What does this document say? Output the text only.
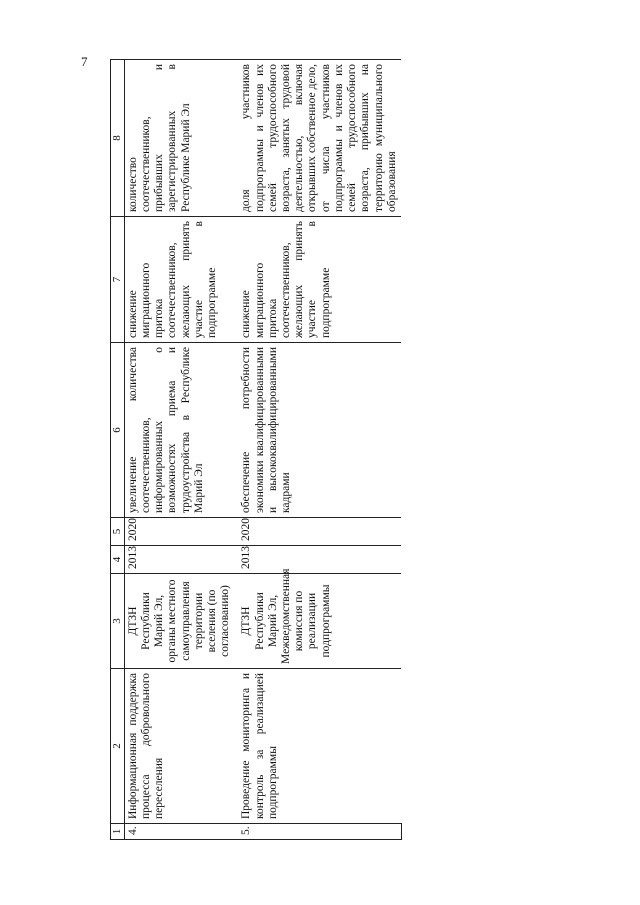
7
1	2	3	4	5	6	7	8
4.	Информационная поддержка процесса добровольного переселения	ДТЗН Республики Марий Эл, органы местного самоуправления территории вселения (по согласованию)	2013	2020	увеличение количества соотечественников, информированных о возможностях приема и трудоустройства в Республике Марий Эл	снижение миграционного притока соотечественников, желающих принять участие в подпрограмме	количество соотечественников, прибывших и зарегистрированных в Республике Марий Эл
5.	Проведение мониторинга и контроль за реализацией подпрограммы	ДТЗН Республики Марий Эл, Межведомственная комиссия по реализации подпрограммы	2013	2020	обеспечение потребности экономики квалифицированными и высококвалифицированными кадрами	снижение миграционного притока соотечественников, желающих принять участие в подпрограмме	доля участников подпрограммы и членов их семей трудоспособного возраста, занятых трудовой деятельностью, включая открывших собственное дело, от числа участников подпрограммы и членов их семей трудоспособного возраста, прибывших на территорию муниципального образования
